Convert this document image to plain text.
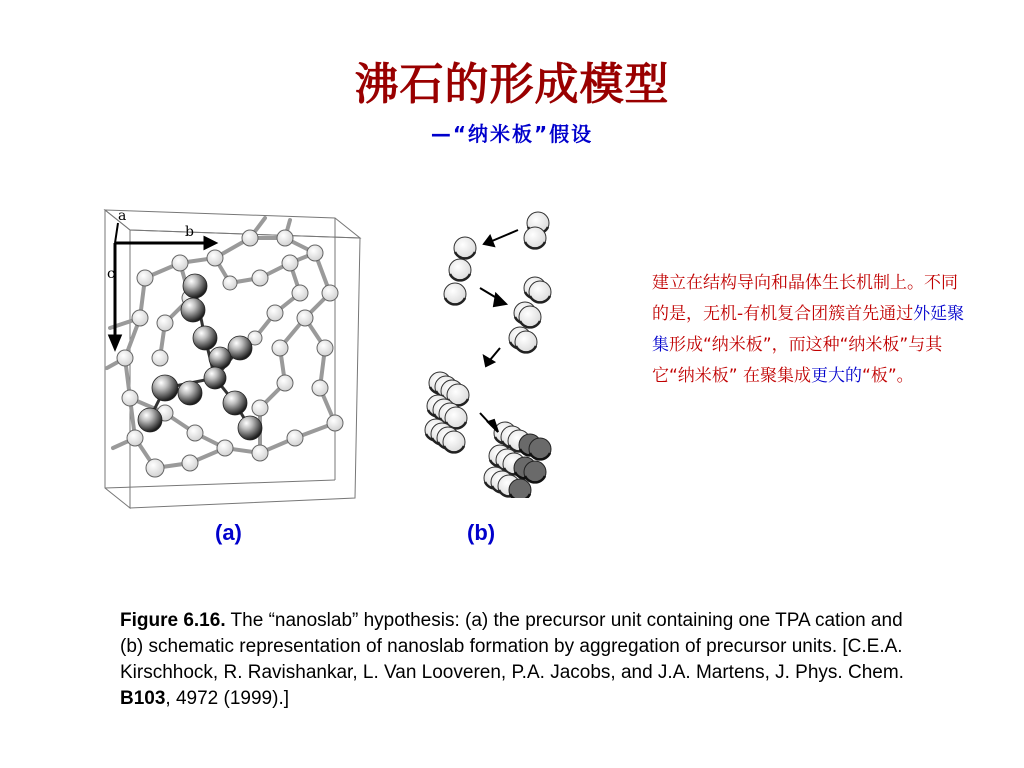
沸石的形成模型
—“纳米板”假设
a
b
c
(a)	(b)
建立在结构导向和晶体生长机制上。不同的是，无机-有机复合团簇首先通过外延聚集形成“纳米板”，而这种“纳米板”与其它“纳米板” 在聚集成更大的“板”。
Figure 6.16. The “nanoslab” hypothesis: (a) the precursor unit containing one TPA cation and (b) schematic representation of nanoslab formation by aggregation of precursor units. [C.E.A. Kirschhock, R. Ravishankar, L. Van Looveren, P.A. Jacobs, and J.A. Martens, J. Phys. Chem. B103, 4972 (1999).]
